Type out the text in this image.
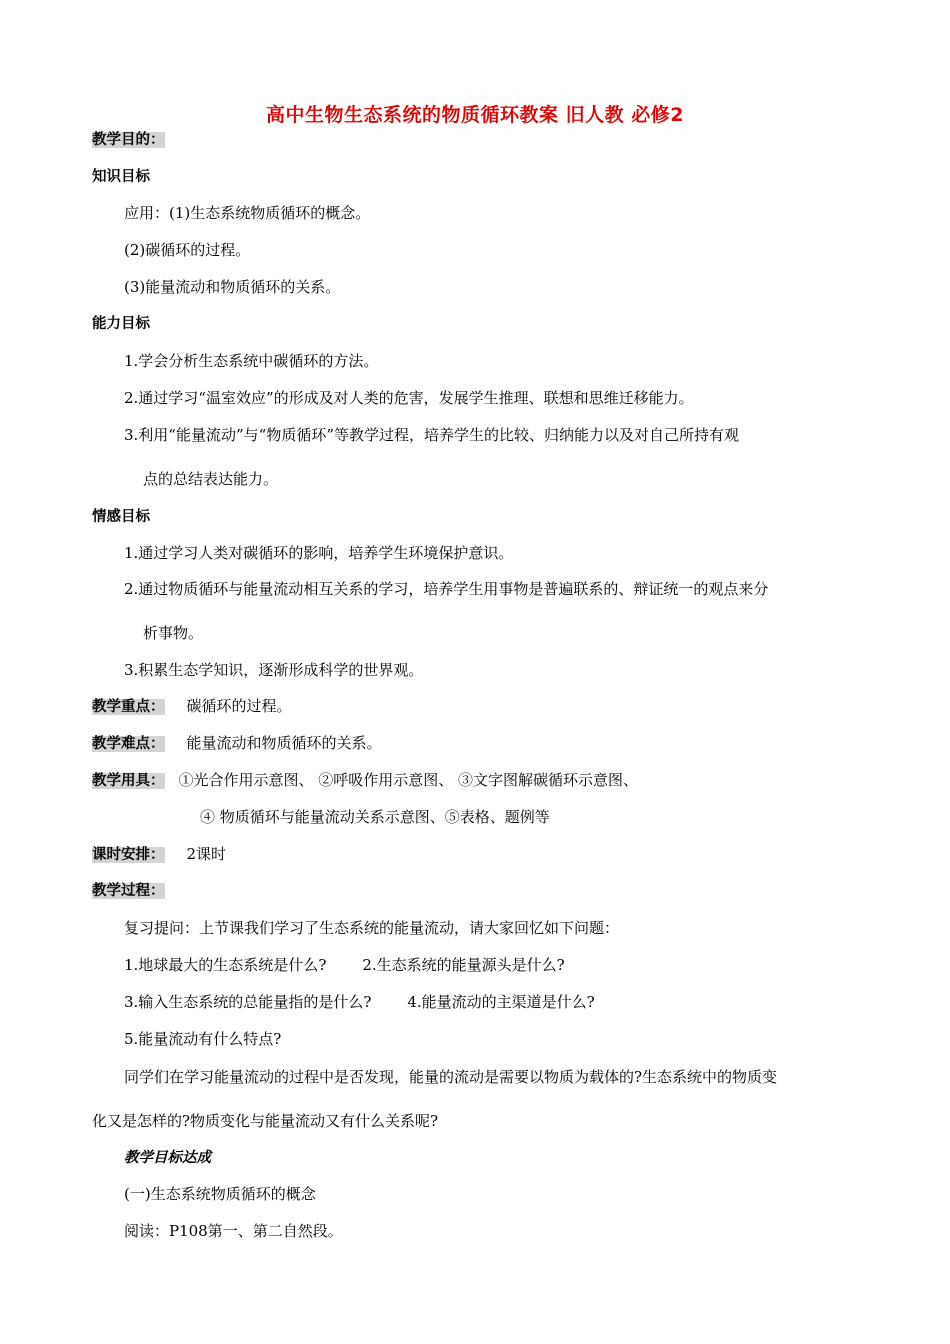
高中生物生态系统的物质循环教案 旧人教 必修2
教学目的：
知识目标
应用：(1)生态系统物质循环的概念。
(2)碳循环的过程。
(3)能量流动和物质循环的关系。
能力目标
1.学会分析生态系统中碳循环的方法。
2.通过学习“温室效应”的形成及对人类的危害，发展学生推理、联想和思维迁移能力。
3.利用“能量流动”与“物质循环”等教学过程，培养学生的比较、归纳能力以及对自己所持有观
点的总结表达能力。
情感目标
1.通过学习人类对碳循环的影响，培养学生环境保护意识。
2.通过物质循环与能量流动相互关系的学习，培养学生用事物是普遍联系的、辩证统一的观点来分
析事物。
3.积累生态学知识，逐渐形成科学的世界观。
教学重点： 碳循环的过程。
教学难点： 能量流动和物质循环的关系。
教学用具： ①光合作用示意图、 ②呼吸作用示意图、 ③文字图解碳循环示意图、
④ 物质循环与能量流动关系示意图、⑤表格、题例等
课时安排： 2课时
教学过程：
复习提问：上节课我们学习了生态系统的能量流动，请大家回忆如下问题：
1.地球最大的生态系统是什么? 2.生态系统的能量源头是什么?
3.输入生态系统的总能量指的是什么? 4.能量流动的主渠道是什么?
5.能量流动有什么特点?
同学们在学习能量流动的过程中是否发现，能量的流动是需要以物质为载体的?生态系统中的物质变
化又是怎样的?物质变化与能量流动又有什么关系呢?
教学目标达成
(一)生态系统物质循环的概念
阅读：P108第一、第二自然段。
